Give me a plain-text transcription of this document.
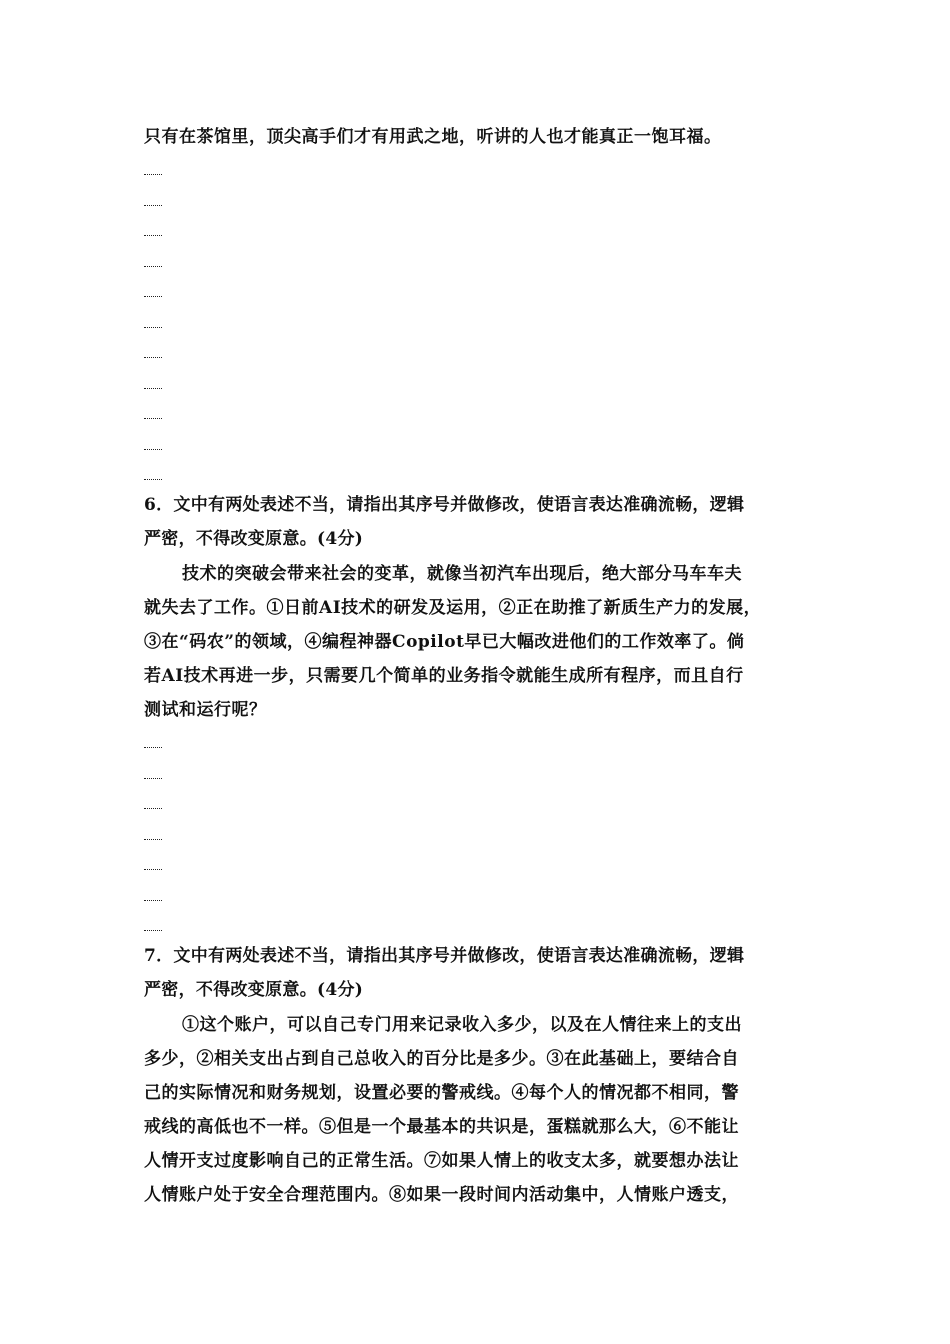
只有在茶馆里，顶尖高手们才有用武之地，听讲的人也才能真正一饱耳福。
6．文中有两处表述不当，请指出其序号并做修改，使语言表达准确流畅，逻辑
严密，不得改变原意。(4分)
技术的突破会带来社会的变革，就像当初汽车出现后，绝大部分马车车夫
就失去了工作。①日前AI技术的研发及运用，②正在助推了新质生产力的发展，
③在“码农”的领域，④编程神器Copilot早已大幅改进他们的工作效率了。倘
若AI技术再进一步，只需要几个简单的业务指令就能生成所有程序，而且自行
测试和运行呢？
7．文中有两处表述不当，请指出其序号并做修改，使语言表达准确流畅，逻辑
严密，不得改变原意。(4分)
①这个账户，可以自己专门用来记录收入多少，以及在人情往来上的支出
多少，②相关支出占到自己总收入的百分比是多少。③在此基础上，要结合自
己的实际情况和财务规划，设置必要的警戒线。④每个人的情况都不相同，警
戒线的高低也不一样。⑤但是一个最基本的共识是，蛋糕就那么大，⑥不能让
人情开支过度影响自己的正常生活。⑦如果人情上的收支太多，就要想办法让
人情账户处于安全合理范围内。⑧如果一段时间内活动集中，人情账户透支，
